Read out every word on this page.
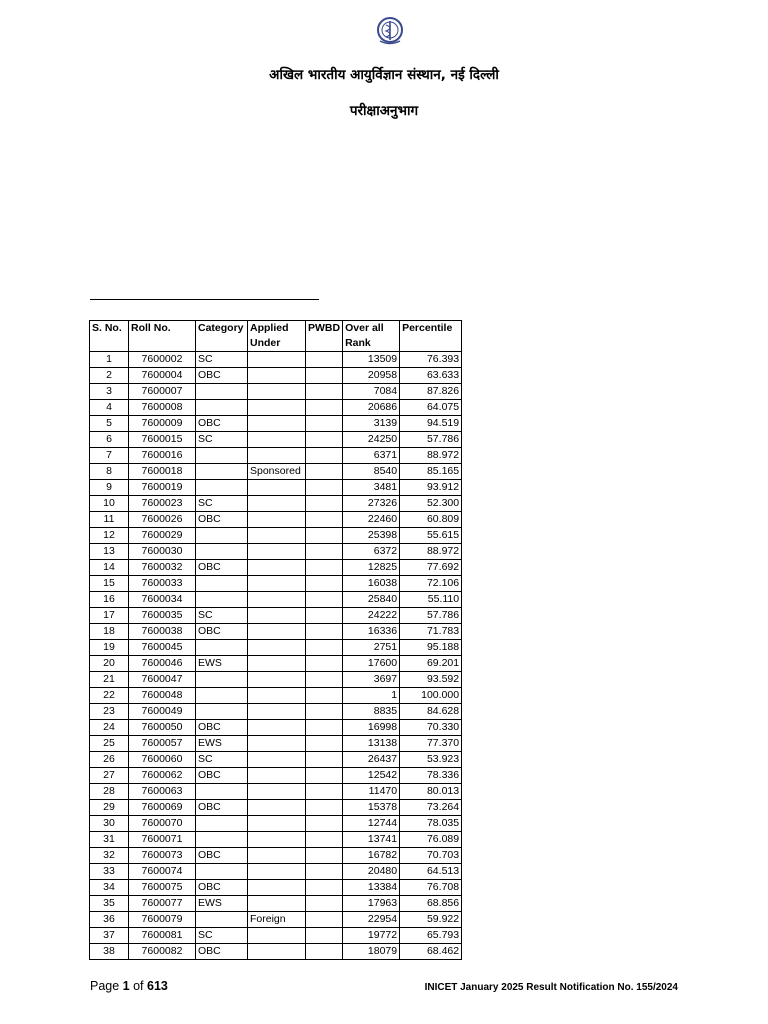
अखिल भारतीय आयुर्विज्ञान संस्थान, नई दिल्ली
परीक्षाअनुभाग
S. No.	Roll No.	Category	Applied Under	PWBD	Over all Rank	Percentile
1	7600002	SC			13509	76.393
2	7600004	OBC			20958	63.633
3	7600007				7084	87.826
4	7600008				20686	64.075
5	7600009	OBC			3139	94.519
6	7600015	SC			24250	57.786
7	7600016				6371	88.972
8	7600018		Sponsored		8540	85.165
9	7600019				3481	93.912
10	7600023	SC			27326	52.300
11	7600026	OBC			22460	60.809
12	7600029				25398	55.615
13	7600030				6372	88.972
14	7600032	OBC			12825	77.692
15	7600033				16038	72.106
16	7600034				25840	55.110
17	7600035	SC			24222	57.786
18	7600038	OBC			16336	71.783
19	7600045				2751	95.188
20	7600046	EWS			17600	69.201
21	7600047				3697	93.592
22	7600048				1	100.000
23	7600049				8835	84.628
24	7600050	OBC			16998	70.330
25	7600057	EWS			13138	77.370
26	7600060	SC			26437	53.923
27	7600062	OBC			12542	78.336
28	7600063				11470	80.013
29	7600069	OBC			15378	73.264
30	7600070				12744	78.035
31	7600071				13741	76.089
32	7600073	OBC			16782	70.703
33	7600074				20480	64.513
34	7600075	OBC			13384	76.708
35	7600077	EWS			17963	68.856
36	7600079		Foreign		22954	59.922
37	7600081	SC			19772	65.793
38	7600082	OBC			18079	68.462
Page 1 of 613	INICET January 2025 Result Notification No. 155/2024
